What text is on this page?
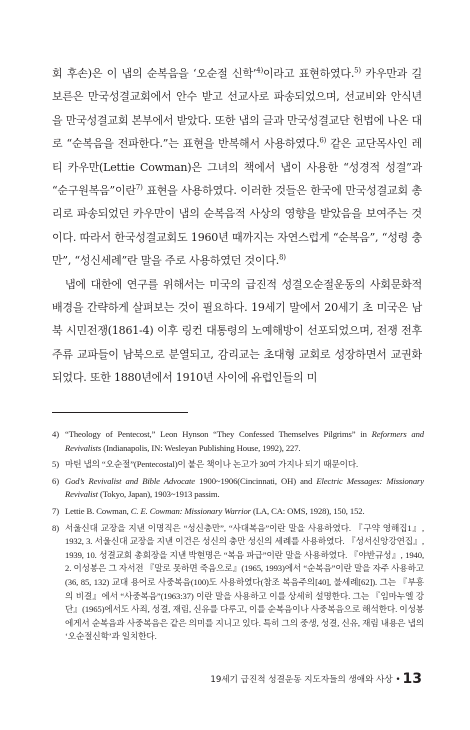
회 후손)은 이 냅의 순복음을 ‘오순절 신학’$^{4)}$이라고 표현하였다.$^{5)}$ 카우만과 길보른은 만국성결교회에서 안수 받고 선교사로 파송되었으며, 선교비와 안식년을 만국성결교회 본부에서 받았다. 또한 냅의 글과 만국성결교단 헌법에 나온 대로 “순복음을 전파한다.”는 표현을 반복해서 사용하였다.$^{6)}$ 같은 교단목사인 레티 카우만(Lettie Cowman)은 그녀의 책에서 냅이 사용한 “성경적 성결”과 “순구원복음”이란$^{7)}$ 표현을 사용하였다. 이러한 것들은 한국에 만국성결교회 총리로 파송되었던 카우만이 냅의 순복음적 사상의 영향을 받았음을 보여주는 것이다. 따라서 한국성결교회도 1960년 때까지는 자연스럽게 “순복음”, “성령 충만”, “성신세례”란 말을 주로 사용하였던 것이다.$^{8)}$

냅에 대한에 연구를 위해서는 미국의 급진적 성결오순절운동의 사회문화적 배경을 간략하게 살펴보는 것이 필요하다. 19세기 말에서 20세기 초 미국은 남북 시민전쟁(1861-4) 이후 링컨 대통령의 노예해방이 선포되었으며, 전쟁 전후 주류 교파들이 남북으로 분열되고, 감리교는 초대형 교회로 성장하면서 교권화 되었다. 또한 1880년에서 1910년 사이에 유럽인들의 미

4) “Theology of Pentecost,” Leon Hynson “They Confessed Themselves Pilgrims” in Reformers and Revivalists (Indianapolis, IN: Wesleyan Publishing House, 1992), 227.
5) 마틴 냅의 “오순절”(Pentecostal)이 붙은 책이나 논고가 30여 가지나 되기 때문이다.
6) God’s Revivalist and Bible Advocate 1900~1906(Cincinnati, OH) and Electric Messages: Missionary Revivalist (Tokyo, Japan), 1903~1913 passim.
7) Lettie B. Cowman, C. E. Cowman: Missionary Warrior (LA, CA: OMS, 1928), 150, 152.
8) 서울신대 교장을 지낸 이명직은 “성신충만”, “사대복음”이란 말을 사용하였다. 『구약 영해집1』, 1932, 3. 서울신대 교장을 지낸 이건은 성신의 충만 성신의 세례를 사용하였다. 『성서신앙강연집』, 1939, 10. 성결교회 총회장을 지낸 박현명은 “복음 파급”이란 말을 사용하였다. 『야반규성』, 1940, 2. 이성봉은 그 자서전 『말로 못하면 죽음으로』(1965, 1993)에서 “순복음”이란 말을 자주 사용하고(36, 85, 132) 교대 용어로 사중복음(100)도 사용하였다(참조 복음주의[40], 불세례[62]). 그는 『부흥의 비결』에서 “사중복음”(1963:37) 이란 말을 사용하고 이를 상세히 설명한다. 그는 『임마누엘 강단』(1965)에서도 사죄, 성결, 재림, 신유를 다루고, 이를 순복음이나 사중복음으로 해석한다. 이성봉에게서 순복음과 사중복음은 같은 의미를 지니고 있다. 특히 그의 중생, 성결, 신유, 재림 내용은 냅의 ‘오순절신학’과 일치한다.
19세기 급진적 성결운동 지도자들의 생애와 사상 • 13
